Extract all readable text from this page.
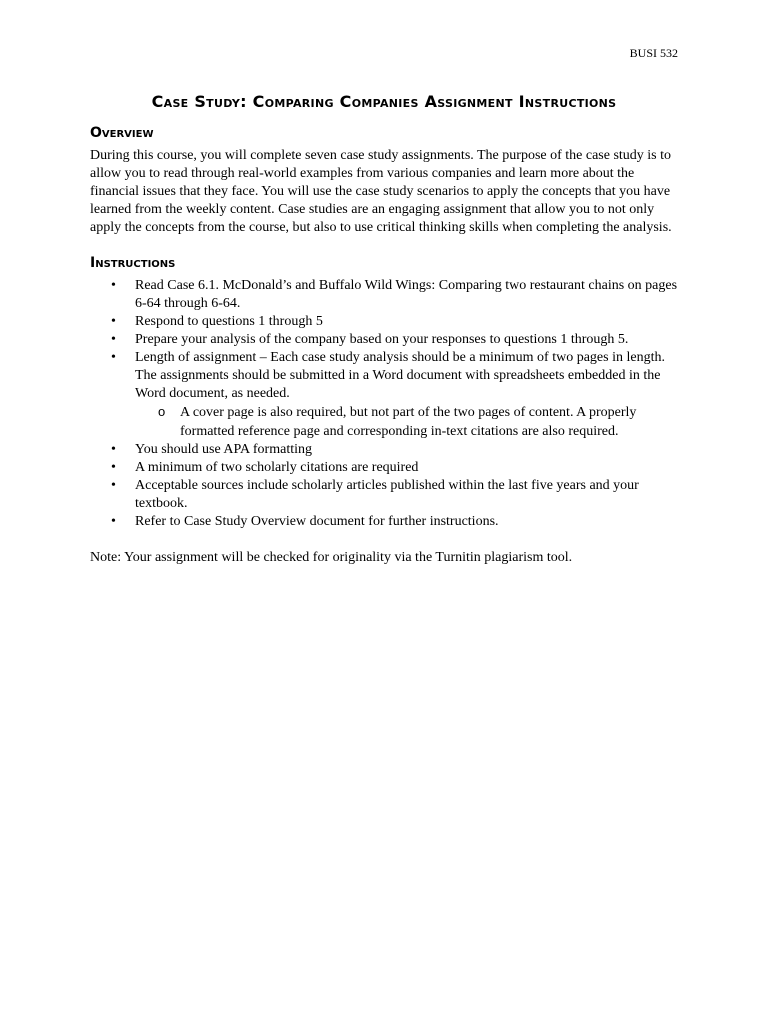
BUSI 532
Case Study: Comparing Companies Assignment Instructions
Overview

During this course, you will complete seven case study assignments. The purpose of the case study is to allow you to read through real-world examples from various companies and learn more about the financial issues that they face. You will use the case study scenarios to apply the concepts that you have learned from the weekly content. Case studies are an engaging assignment that allow you to not only apply the concepts from the course, but also to use critical thinking skills when completing the analysis.

Instructions
• Read Case 6.1. McDonald’s and Buffalo Wild Wings: Comparing two restaurant chains on pages 6-64 through 6-64.
• Respond to questions 1 through 5
• Prepare your analysis of the company based on your responses to questions 1 through 5.
• Length of assignment – Each case study analysis should be a minimum of two pages in length. The assignments should be submitted in a Word document with spreadsheets embedded in the Word document, as needed.
o A cover page is also required, but not part of the two pages of content. A properly formatted reference page and corresponding in-text citations are also required.
• You should use APA formatting
• A minimum of two scholarly citations are required
• Acceptable sources include scholarly articles published within the last five years and your textbook.
• Refer to Case Study Overview document for further instructions.

Note: Your assignment will be checked for originality via the Turnitin plagiarism tool.
